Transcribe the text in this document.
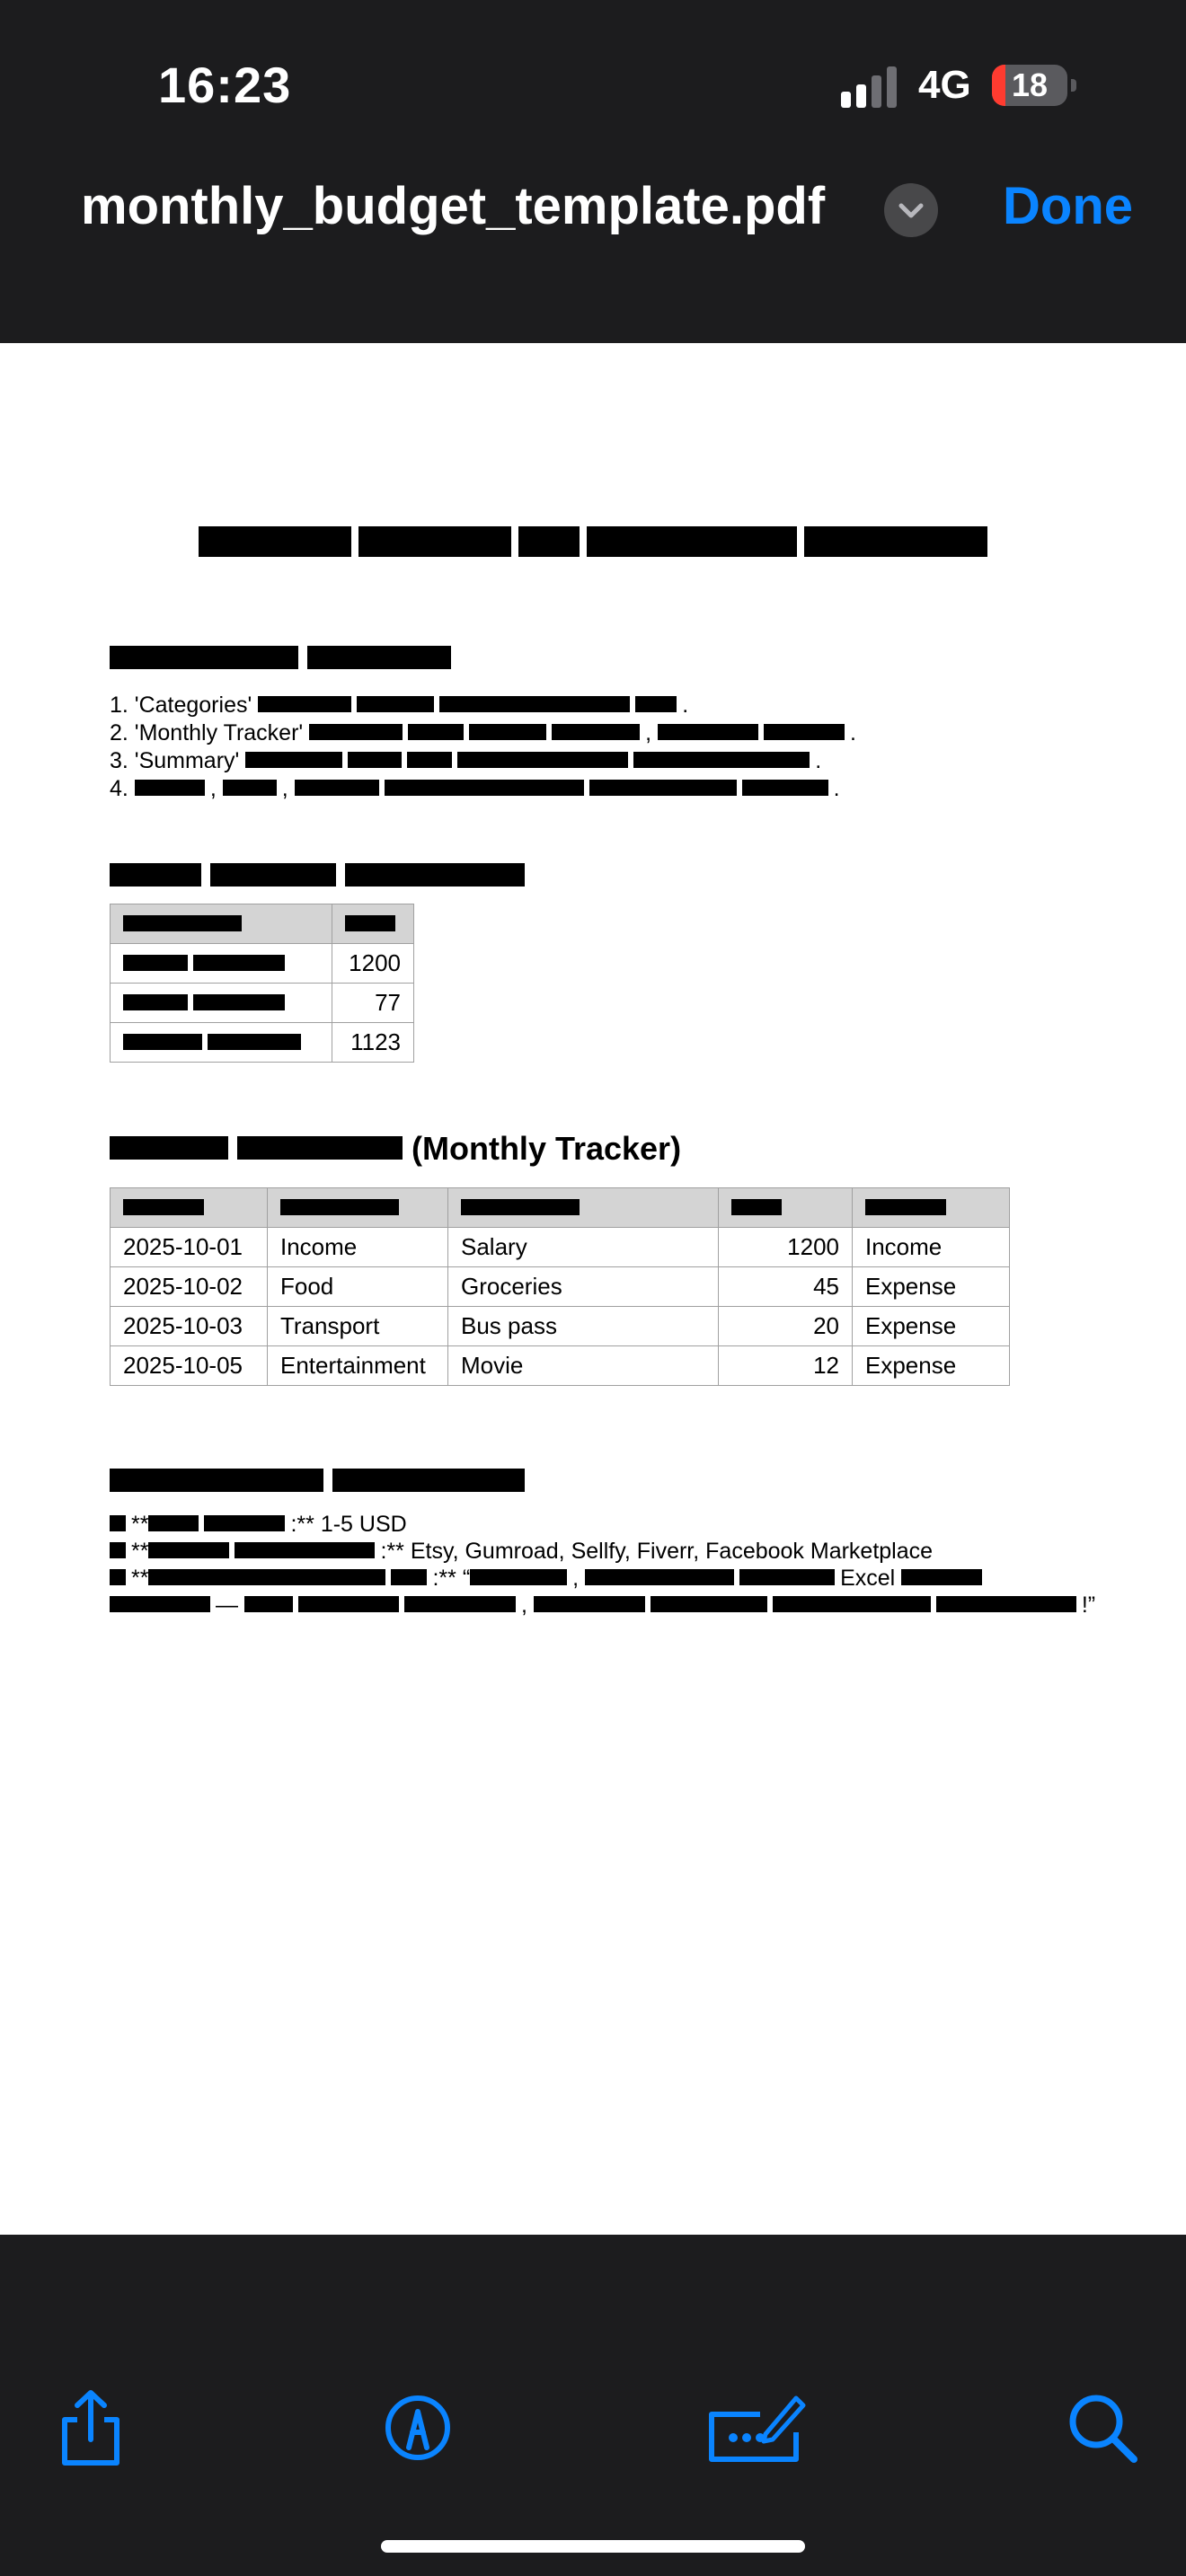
16:23	4G	18
monthly_budget_template.pdf	Done
1. 'Categories'	.
2. 'Monthly Tracker'	,	.
3. 'Summary'	.
4.	,	,	.

	1200
	77
	1123
(Monthly Tracker)

2025-10-01	Income	Salary	1200	Income
2025-10-02	Food	Groceries	45	Expense
2025-10-03	Transport	Bus pass	20	Expense
2025-10-05	Entertainment	Movie	12	Expense
**	:** 1-5 USD
**	:** Etsy, Gumroad, Sellfy, Fiverr, Facebook Marketplace
**	:** “	,	Excel
—	,	!”
